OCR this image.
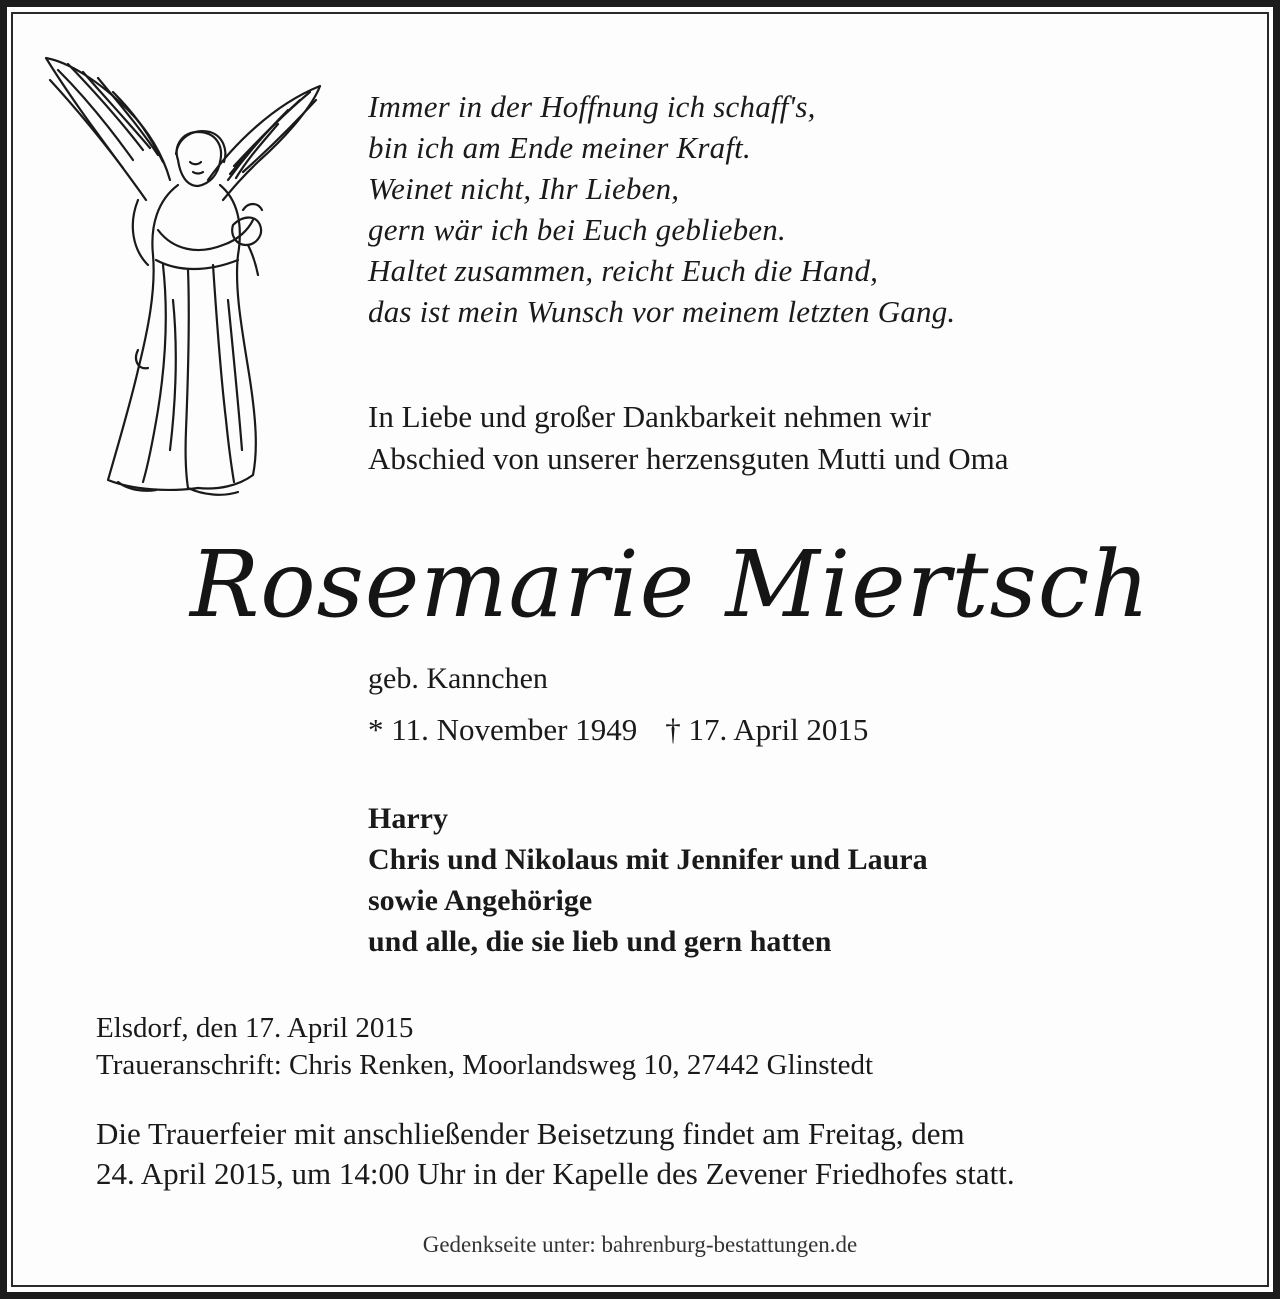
Immer in der Hoffnung ich schaff's,
bin ich am Ende meiner Kraft.
Weinet nicht, Ihr Lieben,
gern wär ich bei Euch geblieben.
Haltet zusammen, reicht Euch die Hand,
das ist mein Wunsch vor meinem letzten Gang.
In Liebe und großer Dankbarkeit nehmen wir
Abschied von unserer herzensguten Mutti und Oma
Rosemarie Miertsch
geb. Kannchen
* 11. November 1949 † 17. April 2015
Harry
Chris und Nikolaus mit Jennifer und Laura
sowie Angehörige
und alle, die sie lieb und gern hatten
Elsdorf, den 17. April 2015
Traueranschrift: Chris Renken, Moorlandsweg 10, 27442 Glinstedt
Die Trauerfeier mit anschließender Beisetzung findet am Freitag, dem
24. April 2015, um 14:00 Uhr in der Kapelle des Zevener Friedhofes statt.
Gedenkseite unter: bahrenburg-bestattungen.de
